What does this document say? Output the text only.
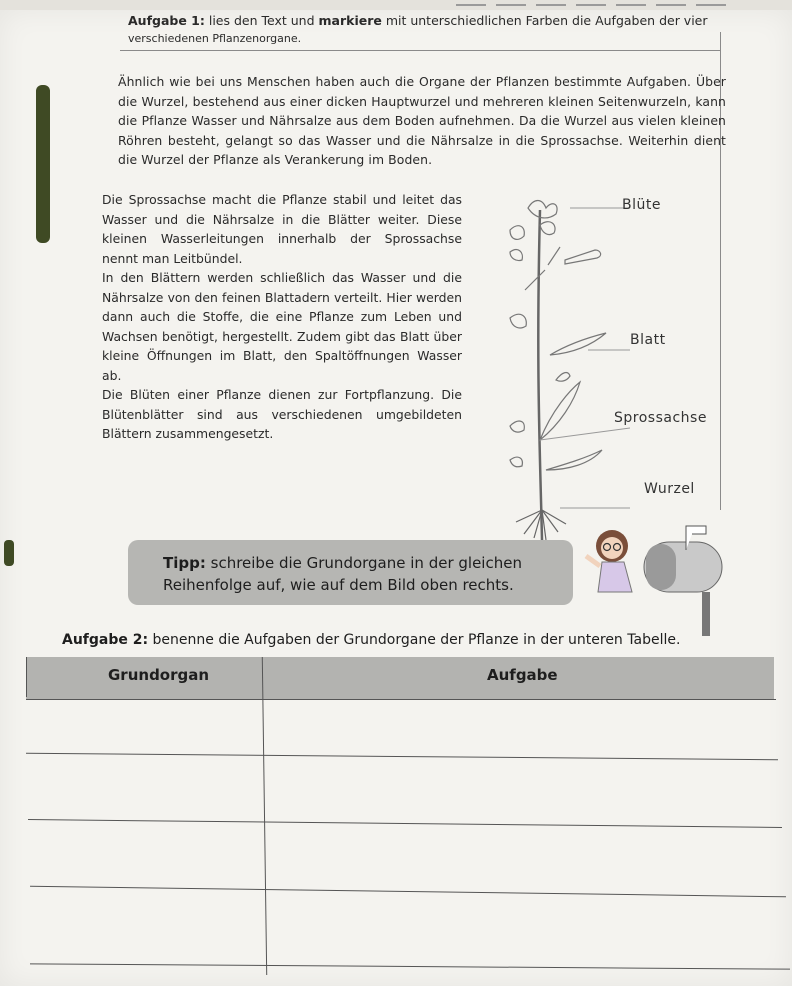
Aufgabe 1: lies den Text und markiere mit unterschiedlichen Farben die Aufgaben der vier
verschiedenen Pflanzenorgane.

Ähnlich wie bei uns Menschen haben auch die Organe der Pflanzen bestimmte Aufgaben. Über die Wurzel, bestehend aus einer dicken Hauptwurzel und mehreren kleinen Seitenwurzeln, kann die Pflanze Wasser und Nährsalze aus dem Boden aufnehmen. Da die Wurzel aus vielen kleinen Röhren besteht, gelangt so das Wasser und die Nährsalze in die Sprossachse. Weiterhin dient die Wurzel der Pflanze als Verankerung im Boden.

Die Sprossachse macht die Pflanze stabil und leitet das Wasser und die Nährsalze in die Blätter weiter. Diese kleinen Wasserleitungen innerhalb der Sprossachse nennt man Leitbündel.

In den Blättern werden schließlich das Wasser und die Nährsalze von den feinen Blattadern verteilt. Hier werden dann auch die Stoffe, die eine Pflanze zum Leben und Wachsen benötigt, hergestellt. Zudem gibt das Blatt über kleine Öffnungen im Blatt, den Spaltöffnungen Wasser ab.

Die Blüten einer Pflanze dienen zur Fortpflanzung. Die Blütenblätter sind aus verschiedenen umgebildeten Blättern zusammengesetzt.

Blüte
Blatt
Sprossachse
Wurzel
Tipp: schreibe die Grundorgane in der gleichen
Reihenfolge auf, wie auf dem Bild oben rechts.
Aufgabe 2: benenne die Aufgaben der Grundorgane der Pflanze in der unteren Tabelle.
Grundorgan	Aufgabe
